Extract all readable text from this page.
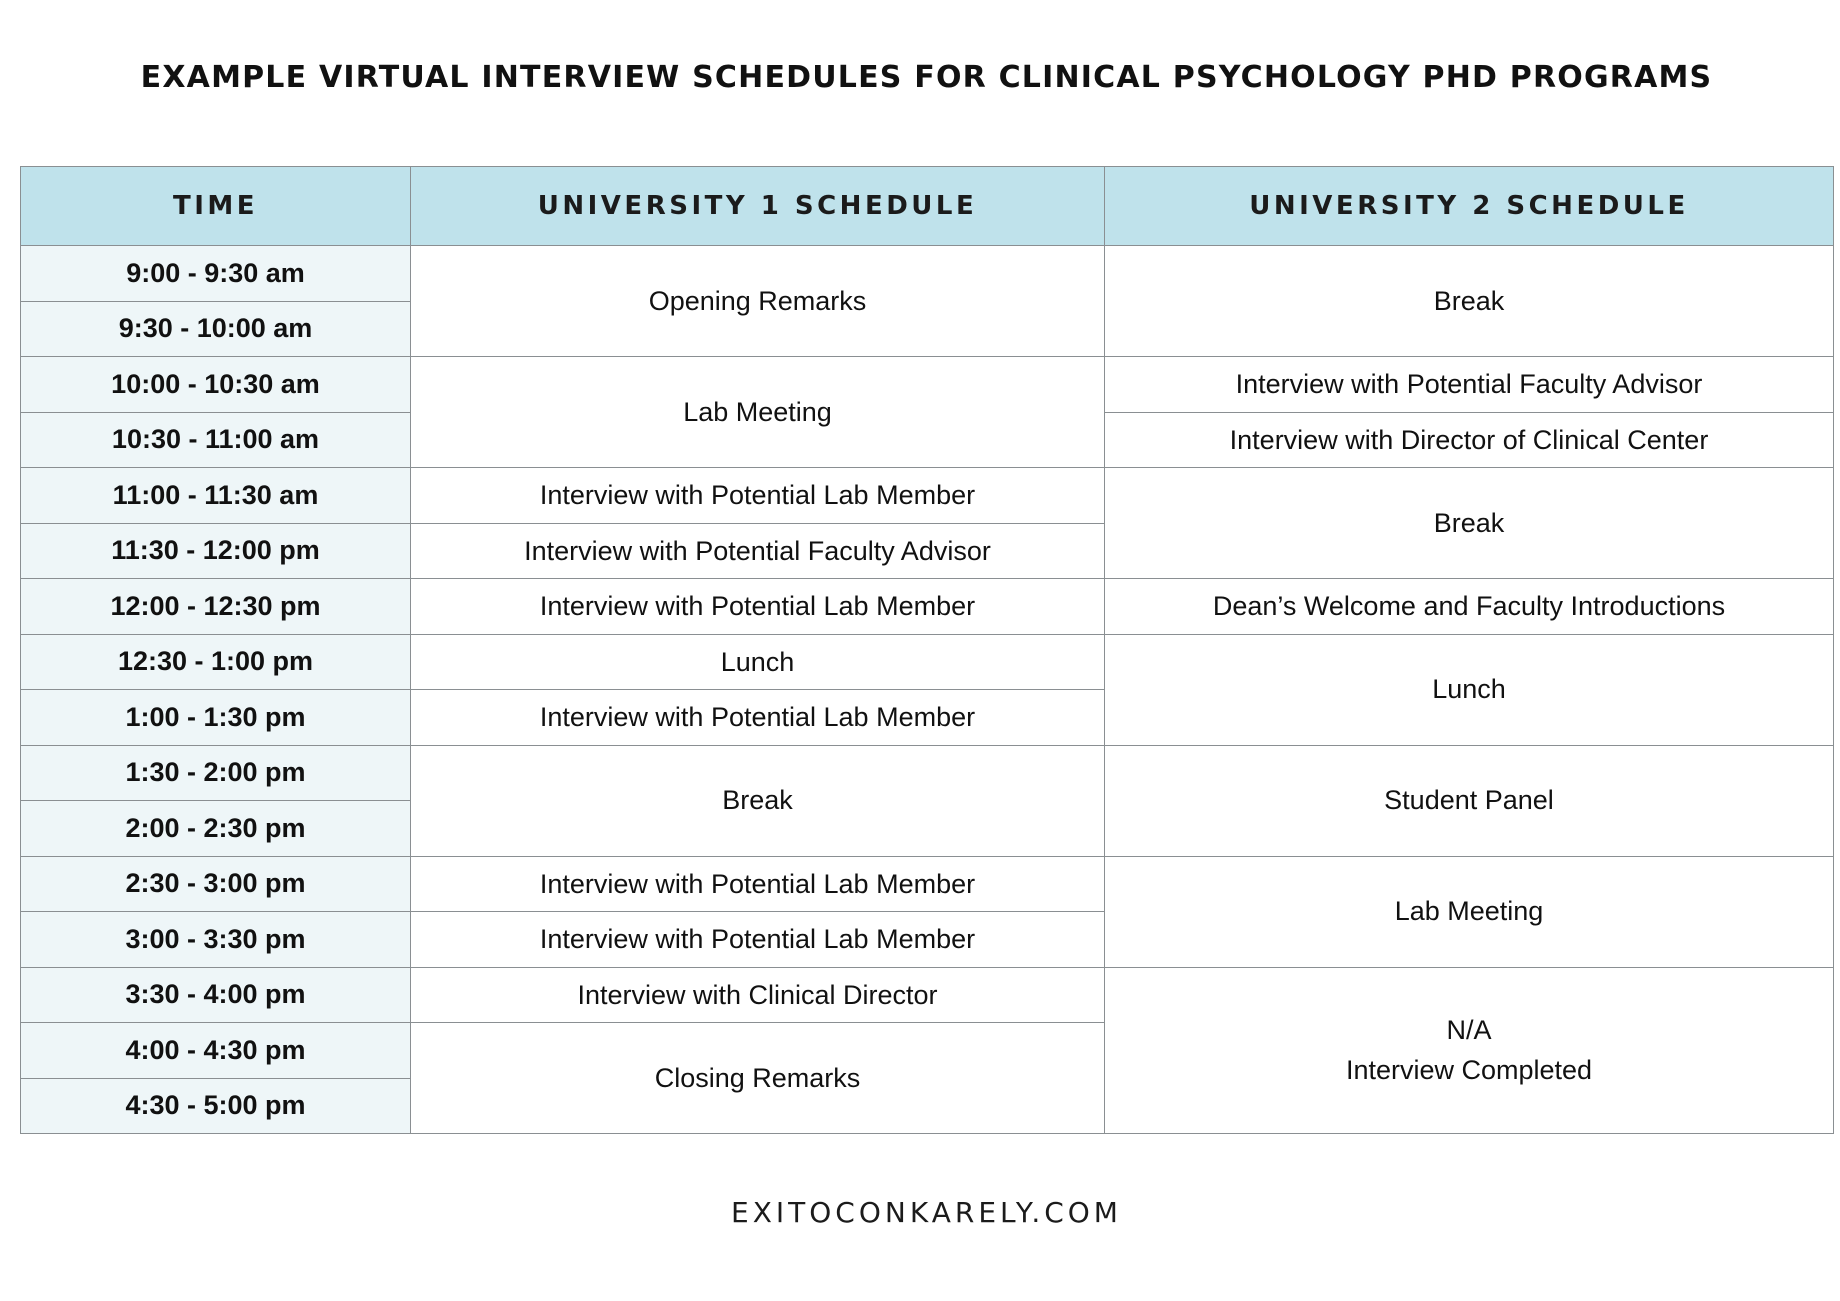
EXAMPLE VIRTUAL INTERVIEW SCHEDULES FOR CLINICAL PSYCHOLOGY PHD PROGRAMS
TIME	UNIVERSITY 1 SCHEDULE	UNIVERSITY 2 SCHEDULE
9:00 - 9:30 am	Opening Remarks	Break

9:30 - 10:00 am		
10:00 - 10:30 am	Lab Meeting	Interview with Potential Faculty Advisor

10:30 - 11:00 am		Interview with Director of Clinical Center

11:00 - 11:30 am	Interview with Potential Lab Member	Break

11:30 - 12:00 pm	Interview with Potential Faculty Advisor	

12:00 - 12:30 pm	Interview with Potential Lab Member	Dean’s Welcome and Faculty Introductions

12:30 - 1:00 pm	Lunch	Lunch

1:00 - 1:30 pm	Interview with Potential Lab Member	

1:30 - 2:00 pm	Break	Student Panel

2:00 - 2:30 pm		
2:30 - 3:00 pm	Interview with Potential Lab Member	Lab Meeting

3:00 - 3:30 pm	Interview with Potential Lab Member	

3:30 - 4:00 pm	Interview with Clinical Director	N/A
Interview Completed

4:00 - 4:30 pm	Closing Remarks	

4:30 - 5:00 pm		
EXITOCONKARELY.COM
